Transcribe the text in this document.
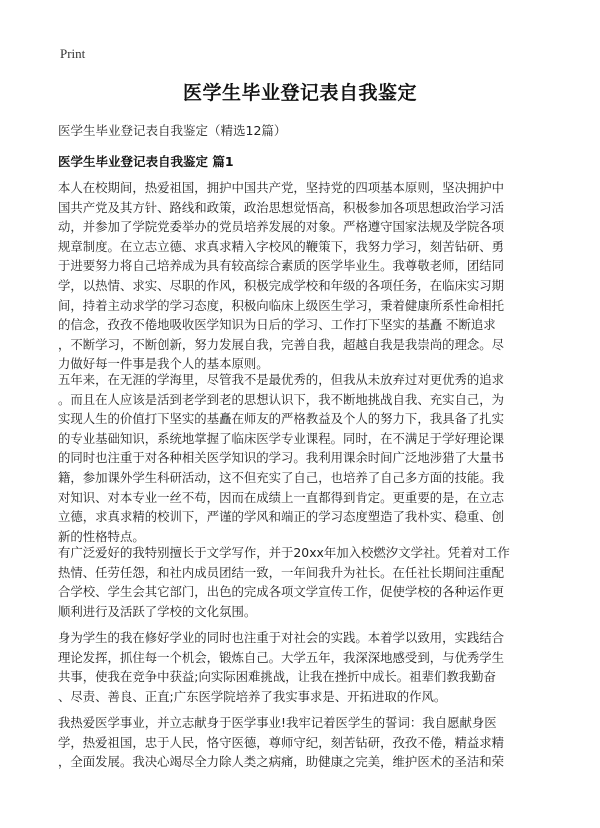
Print
医学生毕业登记表自我鉴定
医学生毕业登记表自我鉴定（精选12篇）
医学生毕业登记表自我鉴定 篇1

本人在校期间，热爱祖国，拥护中国共产党，坚持党的四项基本原则，坚决拥护中
国共产党及其方针、路线和政策，政治思想觉悟高，积极参加各项思想政治学习活
动，并参加了学院党委举办的党员培养发展的对象。严格遵守国家法规及学院各项
规章制度。在立志立德、求真求精入字校风的鞭策下，我努力学习，刻苦钻研、勇
于进要努力将自己培养成为具有较高综合素质的医学毕业生。我尊敬老师，团结同
学，以热情、求实、尽职的作风，积极完成学校和年级的各项任务，在临床实习期
间，持着主动求学的学习态度，积极向临床上级医生学习，秉着健康所系性命相托
的信念，孜孜不倦地吸收医学知识为日后的学习、工作打下坚实的基矗 不断追求
，不断学习，不断创新，努力发展自我，完善自我，超越自我是我崇尚的理念。尽
力做好每一件事是我个人的基本原则。

五年来，在无涯的学海里，尽管我不是最优秀的，但我从未放弃过对更优秀的追求
。而且在人应该是活到老学到老的思想认识下，我不断地挑战自我、充实自己，为
实现人生的价值打下坚实的基矗在师友的严格教益及个人的努力下，我具备了扎实
的专业基础知识，系统地掌握了临床医学专业课程。同时，在不满足于学好理论课
的同时也注重于对各种相关医学知识的学习。我利用课余时间广泛地涉猎了大量书
籍，参加课外学生科研活动，这不但充实了自己，也培养了自己多方面的技能。我
对知识、对本专业一丝不苟，因而在成绩上一直都得到肯定。更重要的是，在立志
立德，求真求精的校训下，严谨的学风和端正的学习态度塑造了我朴实、稳重、创
新的性格特点。

有广泛爱好的我特别擅长于文学写作，并于20xx年加入校燃汐文学社。凭着对工作
热情、任劳任怨，和社内成员团结一致，一年间我升为社长。在任社长期间注重配
合学校、学生会其它部门，出色的完成各项文学宣传工作，促使学校的各种运作更
顺利进行及活跃了学校的文化氛围。

身为学生的我在修好学业的同时也注重于对社会的实践。本着学以致用，实践结合
理论发挥，抓住每一个机会，锻炼自己。大学五年，我深深地感受到，与优秀学生
共事，使我在竞争中获益;向实际困难挑战，让我在挫折中成长。祖辈们教我勤奋
、尽责、善良、正直;广东医学院培养了我实事求是、开拓进取的作风。

我热爱医学事业，并立志献身于医学事业!我牢记着医学生的誓词：我自愿献身医
学，热爱祖国，忠于人民，恪守医德，尊师守纪，刻苦钻研，孜孜不倦，精益求精
，全面发展。我决心竭尽全力除人类之病痛，助健康之完美，维护医术的圣洁和荣
